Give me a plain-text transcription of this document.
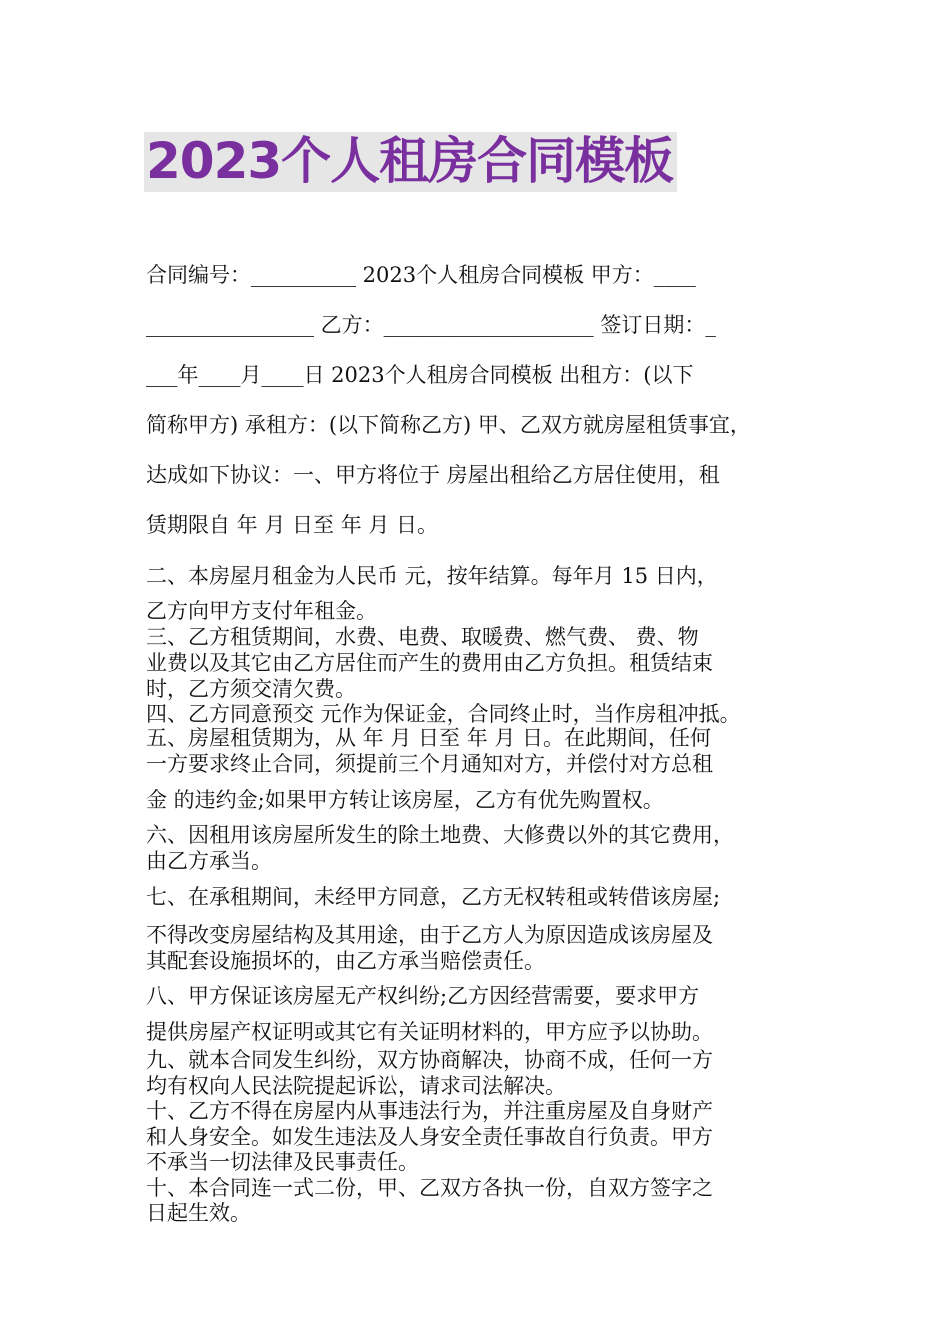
2023个人租房合同模板

合同编号：__________ 2023个人租房合同模板 甲方：____

________________ 乙方：____________________ 签订日期：_

___年____月____日 2023个人租房合同模板 出租方：(以下

简称甲方) 承租方：(以下简称乙方) 甲、乙双方就房屋租赁事宜，

达成如下协议：一、甲方将位于 房屋出租给乙方居住使用，租

赁期限自 年 月 日至 年 月 日。

二、本房屋月租金为人民币 元，按年结算。每年月 15 日内，

乙方向甲方支付年租金。

三、乙方租赁期间，水费、电费、取暖费、燃气费、 费、物

业费以及其它由乙方居住而产生的费用由乙方负担。租赁结束

时，乙方须交清欠费。

四、乙方同意预交 元作为保证金，合同终止时，当作房租冲抵。

五、房屋租赁期为，从 年 月 日至 年 月 日。在此期间，任何

一方要求终止合同，须提前三个月通知对方，并偿付对方总租

金 的违约金;如果甲方转让该房屋，乙方有优先购置权。

六、因租用该房屋所发生的除土地费、大修费以外的其它费用，

由乙方承当。

七、在承租期间，未经甲方同意，乙方无权转租或转借该房屋;

不得改变房屋结构及其用途，由于乙方人为原因造成该房屋及

其配套设施损坏的，由乙方承当赔偿责任。

八、甲方保证该房屋无产权纠纷;乙方因经营需要，要求甲方

提供房屋产权证明或其它有关证明材料的，甲方应予以协助。

九、就本合同发生纠纷，双方协商解决，协商不成，任何一方

均有权向人民法院提起诉讼，请求司法解决。

十、乙方不得在房屋内从事违法行为，并注重房屋及自身财产

和人身安全。如发生违法及人身安全责任事故自行负责。甲方

不承当一切法律及民事责任。

十、本合同连一式二份，甲、乙双方各执一份，自双方签字之

日起生效。
